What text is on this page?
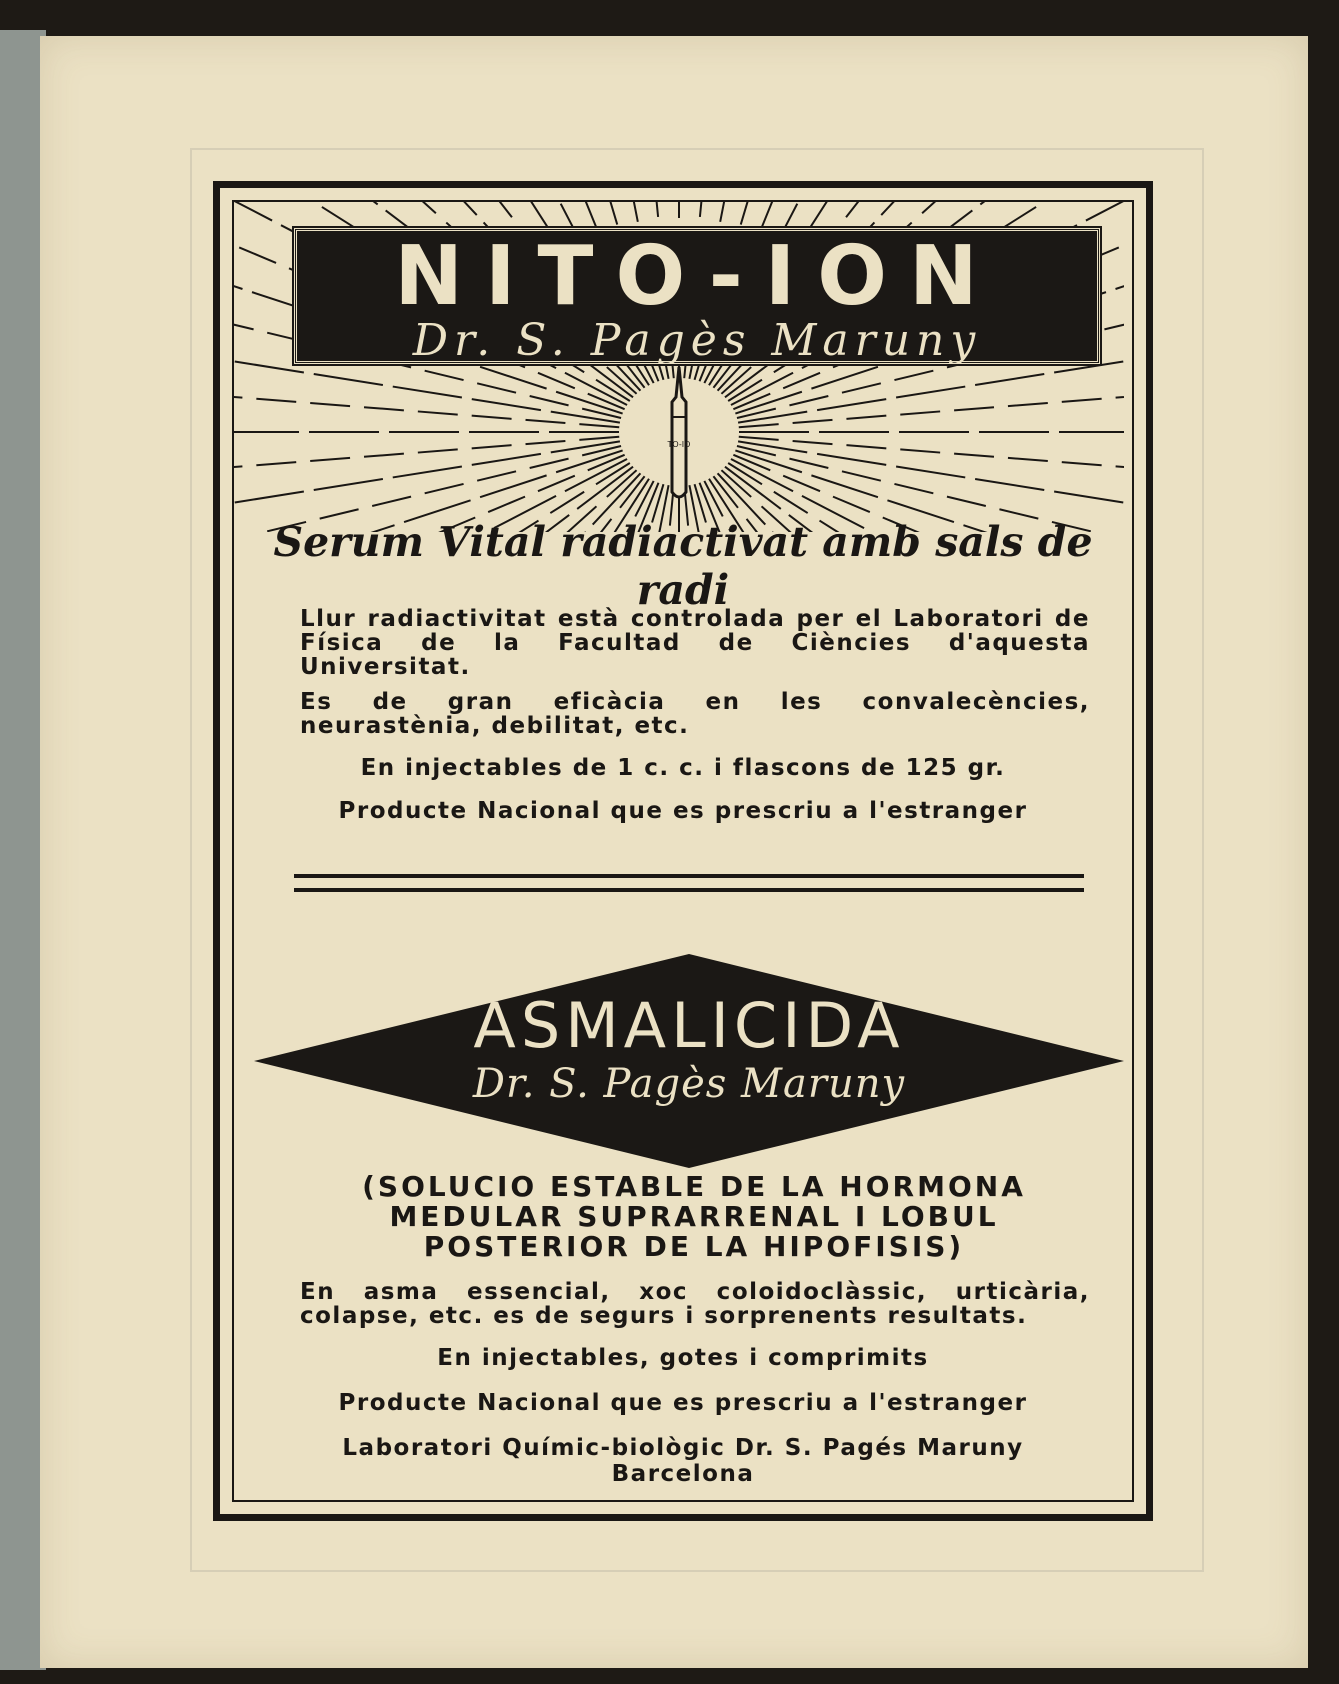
TO-IO
NITO-ION
Dr. S. Pagès Maruny
Serum Vital radiactivat amb sals de radi
Llur radiactivitat està controlada per el Laboratori de Física de la Facultad de Ciències d'aquesta Universitat.
Es de gran eficàcia en les convalecències, neurastènia, debilitat, etc.
En injectables de 1 c. c. i flascons de 125 gr.
Producte Nacional que es prescriu a l'estranger
ASMALICIDA
Dr. S. Pagès Maruny
(SOLUCIO ESTABLE DE LA HORMONA
MEDULAR SUPRARRENAL I LOBUL
POSTERIOR DE LA HIPOFISIS)
En asma essencial, xoc coloidoclàssic, urticària, colapse, etc. es de segurs i sorprenents resultats.
En injectables, gotes i comprimits
Producte Nacional que es prescriu a l'estranger
Laboratori Químic-biològic Dr. S. Pagés Maruny
Barcelona
